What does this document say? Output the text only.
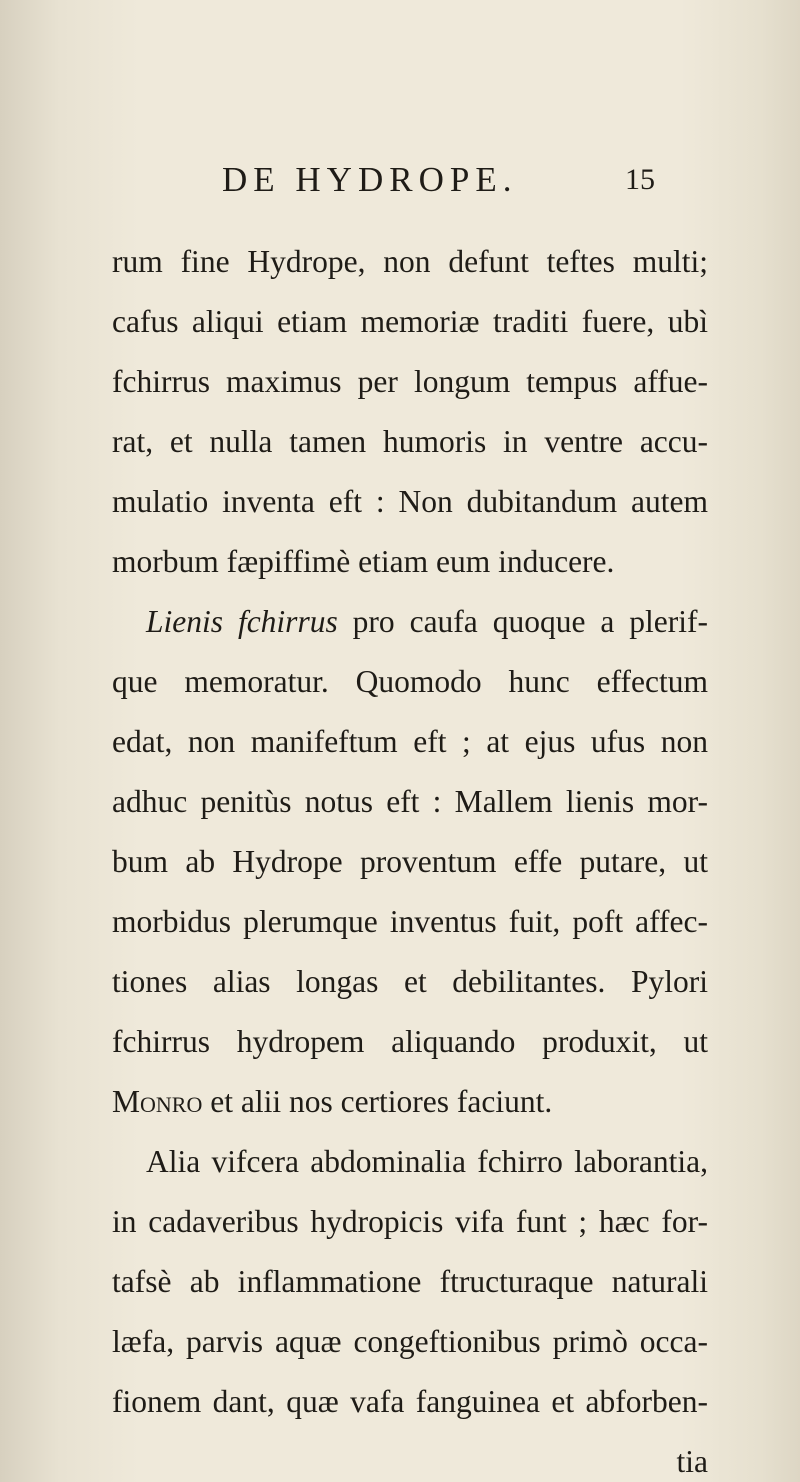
DE HYDROPE.	15
rum fine Hydrope, non defunt teftes multi;
cafus aliqui etiam memoriæ traditi fuere, ubì
fchirrus maximus per longum tempus affue-
rat, et nulla tamen humoris in ventre accu-
mulatio inventa eft : Non dubitandum autem
morbum fæpiffimè etiam eum inducere.
Lienis fchirrus pro caufa quoque a plerif-
que memoratur. Quomodo hunc effectum
edat, non manifeftum eft ; at ejus ufus non
adhuc penitùs notus eft : Mallem lienis mor-
bum ab Hydrope proventum effe putare, ut
morbidus plerumque inventus fuit, poft affec-
tiones alias longas et debilitantes. Pylori
fchirrus hydropem aliquando produxit, ut
Monro et alii nos certiores faciunt.
Alia vifcera abdominalia fchirro laborantia,
in cadaveribus hydropicis vifa funt ; hæc for-
tafsè ab inflammatione ftructuraque naturali
læfa, parvis aquæ congeftionibus primò occa-
fionem dant, quæ vafa fanguinea et abforben-
tia
